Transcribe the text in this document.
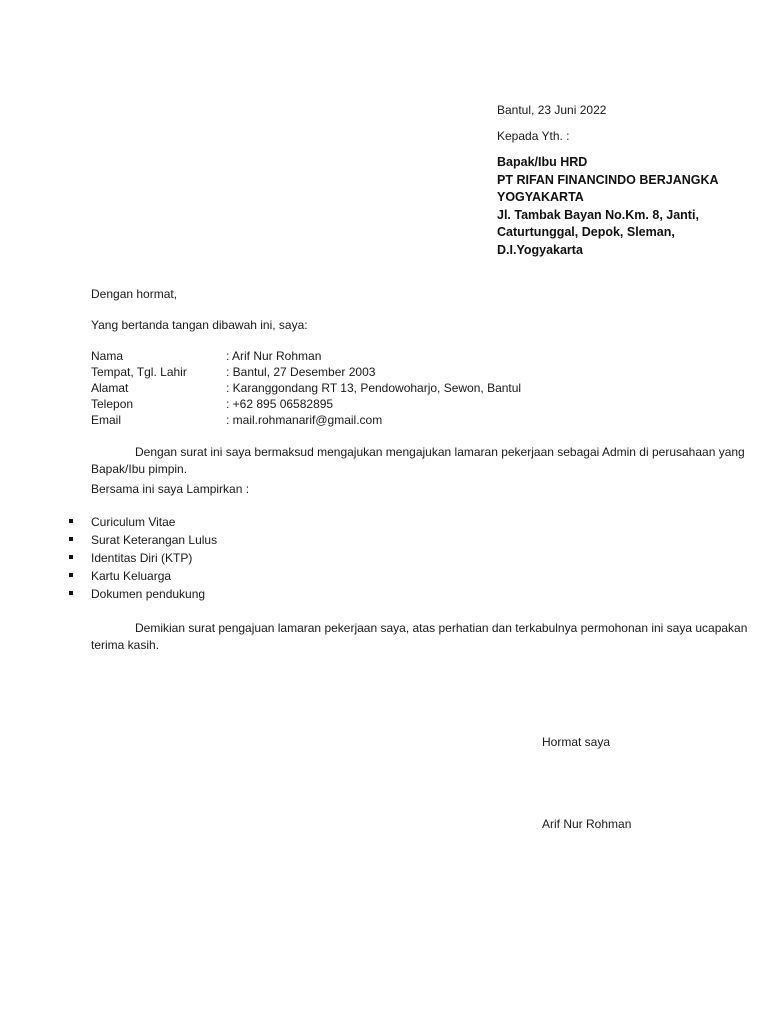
Bantul, 23 Juni 2022
Kepada Yth. :
Bapak/Ibu HRD
PT RIFAN FINANCINDO BERJANGKA
YOGYAKARTA
Jl. Tambak Bayan No.Km. 8, Janti,
Caturtunggal, Depok, Sleman,
D.I.Yogyakarta
Dengan hormat,
Yang bertanda tangan dibawah ini, saya:
Nama	: Arif Nur Rohman
Tempat, Tgl. Lahir	: Bantul, 27 Desember 2003
Alamat	: Karanggondang RT 13, Pendowoharjo, Sewon, Bantul
Telepon	: +62 895 06582895
Email	: mail.rohmanarif@gmail.com
Dengan surat ini saya bermaksud mengajukan mengajukan lamaran pekerjaan sebagai Admin di perusahaan yang
Bapak/Ibu pimpin.
Bersama ini saya Lampirkan :
Curiculum Vitae
Surat Keterangan Lulus
Identitas Diri (KTP)
Kartu Keluarga
Dokumen pendukung
Demikian surat pengajuan lamaran pekerjaan saya, atas perhatian dan terkabulnya permohonan ini saya ucapakan
terima kasih.
Hormat saya
Arif Nur Rohman
